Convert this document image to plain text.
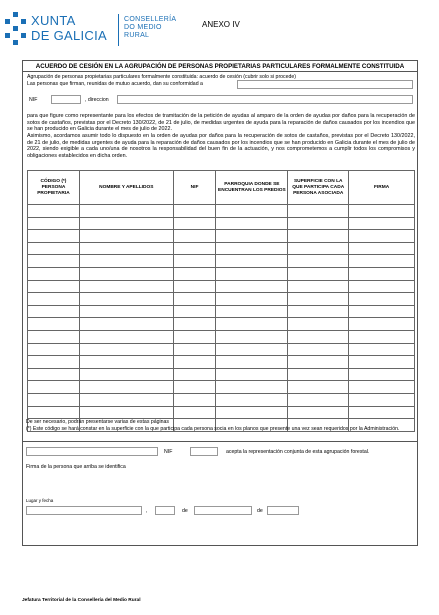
XUNTA
DE GALICIA
CONSELLERÍA
DO MEDIO
RURAL
ANEXO IV
ACUERDO DE CESIÓN EN LA AGRUPACIÓN DE PERSONAS PROPIETARIAS PARTICULARES FORMALMENTE CONSTITUIDA
Agrupación de personas propietarias particulares formalmente constituida: acuerdo de cesión (cubrir solo si procede)
Las personas que firman, reunidas de mutuo acuerdo, dan su conformidad a
NIF	, direccion
para que figure como representante para los efectos de tramitación de la petición de ayudas al amparo de la orden de ayudas por daños para la recuperación de sotos de castaños, previstas por el Decreto 130/2022, de 21 de julio, de medidas urgentes de ayuda para la reparación de daños causados por los incendios que se han producido en Galicia durante el mes de julio de 2022.
Asimismo, acordamos asumir todo lo dispuesto en la orden de ayudas por daños para la recuperación de sotos de castaños, previstas por el Decreto 130/2022, de 21 de julio, de medidas urgentes de ayuda para la reparación de daños causados por los incendios que se han producido en Galicia durante el mes de julio de 2022, siendo exigible a cada uno/una de nosotros la responsabilidad del buen fin de la actuación, y nos comprometemos a cumplir todos los compromisos y obligaciones establecidos en dicha orden.
CÓDIGO (*) PERSONA PROPIETARIA	NOMBRE Y APELLIDOS	NIF	PARROQUIA DONDE SE ENCUENTRAN LOS PREDIOS	SUPERFICIE CON LA QUE PARTICIPA CADA PERSONA ASOCIADA	FIRMA

De ser necesario, podrán presentarse varias de estas páginas
(*) Este código se hará constar en la superficie con la que participa cada persona socia en los planos que presente una vez sean requeridos por la Administración.
NIF	acepta la representación conjunta de esta agrupación forestal.
Firma de la persona que arriba se identifica
Lugar y fecha
,	de	de
Jefatura Territorial de la Consellería del Medio Rural
